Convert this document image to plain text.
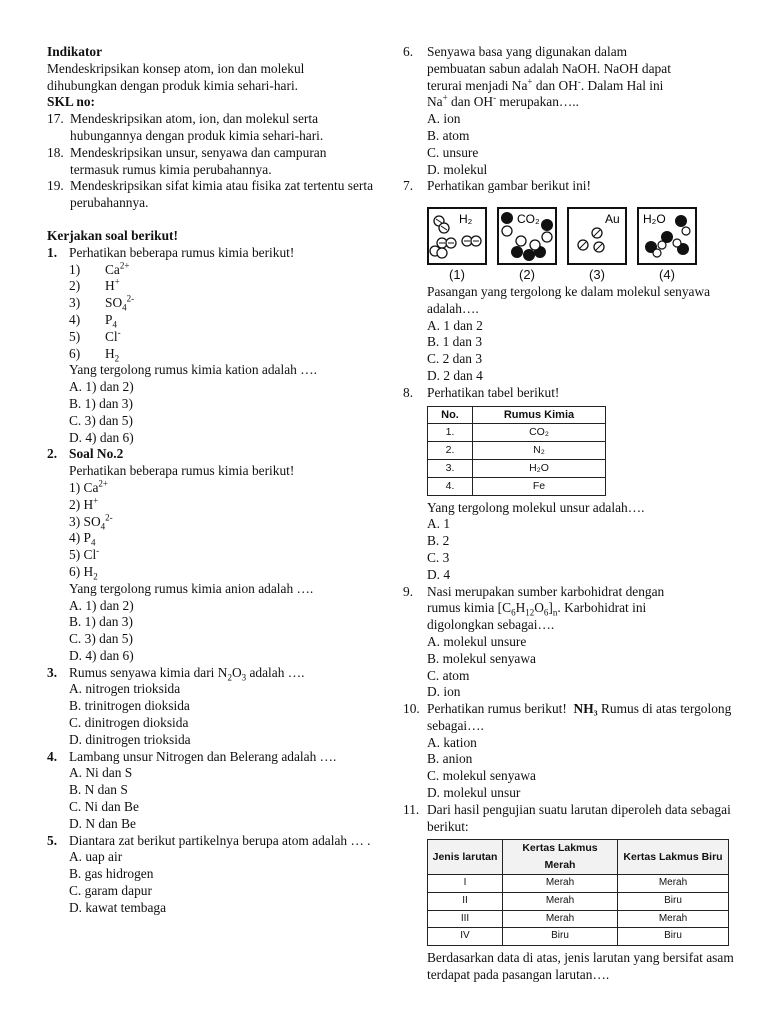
Indikator
Mendeskripsikan konsep atom, ion dan molekul dihubungkan dengan produk kimia sehari-hari.
SKL no:
17. Mendeskripsikan atom, ion, dan molekul serta hubungannya dengan produk kimia sehari-hari.
18. Mendeskripsikan unsur, senyawa dan campuran termasuk rumus kimia perubahannya.
19. Mendeskripsikan sifat kimia atau fisika zat tertentu serta perubahannya.
Kerjakan soal berikut!
1. Perhatikan beberapa rumus kimia berikut!
1)	$Ca^{2+}$
2)	H+
3)	$SO_4^{2-}$
4)	$P_4$
5)	Cl-
6)	$H_2$
Yang tergolong rumus kimia kation adalah ….
A. 1) dan 2)
B. 1) dan 3)
C. 3) dan 5)
D. 4) dan 6)
2. Soal No.2
Perhatikan beberapa rumus kimia berikut!
1) $Ca^{2+}$
2) H+
3) $SO_4^{2-}$
4) $P_4$
5) Cl-
6) $H_2$
Yang tergolong rumus kimia anion adalah ….
A. 1) dan 2)
B. 1) dan 3)
C. 3) dan 5)
D. 4) dan 6)
3. Rumus senyawa kimia dari $N_2O_3$ adalah ….
A. nitrogen trioksida
B. trinitrogen dioksida
C. dinitrogen dioksida
D. dinitrogen trioksida
4. Lambang unsur Nitrogen dan Belerang adalah ….
A. Ni dan S
B. N dan S
C. Ni dan Be
D. N dan Be
5. Diantara zat berikut partikelnya berupa atom adalah … .
A. uap air
B. gas hidrogen
C. garam dapur
D. kawat tembaga
6.	Senyawa basa yang digunakan dalam
pembuatan sabun adalah NaOH. NaOH dapat
terurai menjadi Na+ dan OH-. Dalam Hal ini
Na+ dan OH- merupakan…..
A. ion
B. atom
C. unsure
D. molekul
7.	Perhatikan gambar berikut ini!
H₂
(1)
CO₂
(2)
Au
(3)
H₂O
(4)
Pasangan yang tergolong ke dalam molekul senyawa adalah….
A. 1 dan 2
B. 1 dan 3
C. 2 dan 3
D. 2 dan 4
8.	Perhatikan tabel berikut!
No.	Rumus Kimia
1.	CO₂
2.	N₂
3.	H₂O
4.	Fe
Yang tergolong molekul unsur adalah….
A. 1
B. 2
C. 3
D. 4
9.	Nasi merupakan sumber karbohidrat dengan
rumus kimia $[C_6H_{12}O_6]_n$. Karbohidrat ini
digolongkan sebagai….
A. molekul unsure
B. molekul senyawa
C. atom
D. ion
10. Perhatikan rumus berikut! NH₃ Rumus di atas tergolong sebagai….
A. kation
B. anion
C. molekul senyawa
D. molekul unsur
11. Dari hasil pengujian suatu larutan diperoleh data sebagai berikut:
Jenis larutan	Kertas Lakmus Merah	Kertas Lakmus Biru
I	Merah	Merah
II	Merah	Biru
III	Merah	Merah
IV	Biru	Biru
Berdasarkan data di atas, jenis larutan yang bersifat asam terdapat pada pasangan larutan….
